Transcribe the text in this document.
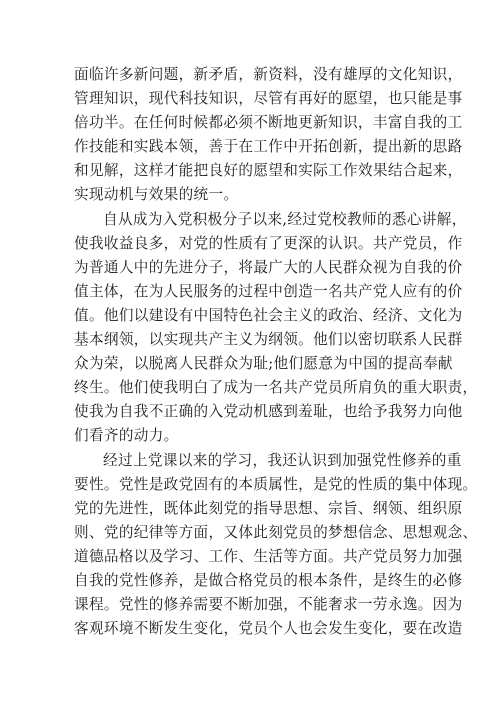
面临许多新问题，新矛盾，新资料，没有雄厚的文化知识，
管理知识，现代科技知识，尽管有再好的愿望，也只能是事
倍功半。在任何时候都必须不断地更新知识，丰富自我的工
作技能和实践本领，善于在工作中开拓创新，提出新的思路
和见解，这样才能把良好的愿望和实际工作效果结合起来，
实现动机与效果的统一。
自从成为入党积极分子以来,经过党校教师的悉心讲解，
使我收益良多，对党的性质有了更深的认识。共产党员，作
为普通人中的先进分子，将最广大的人民群众视为自我的价
值主体，在为人民服务的过程中创造一名共产党人应有的价
值。他们以建设有中国特色社会主义的政治、经济、文化为
基本纲领，以实现共产主义为纲领。他们以密切联系人民群
众为荣，以脱离人民群众为耻;他们愿意为中国的提高奉献
终生。他们使我明白了成为一名共产党员所肩负的重大职责，
使我为自我不正确的入党动机感到羞耻，也给予我努力向他
们看齐的动力。
经过上党课以来的学习，我还认识到加强党性修养的重
要性。党性是政党固有的本质属性，是党的性质的集中体现。
党的先进性，既体此刻党的指导思想、宗旨、纲领、组织原
则、党的纪律等方面，又体此刻党员的梦想信念、思想观念、
道德品格以及学习、工作、生活等方面。共产党员努力加强
自我的党性修养，是做合格党员的根本条件，是终生的必修
课程。党性的修养需要不断加强，不能奢求一劳永逸。因为
客观环境不断发生变化，党员个人也会发生变化，要在改造
